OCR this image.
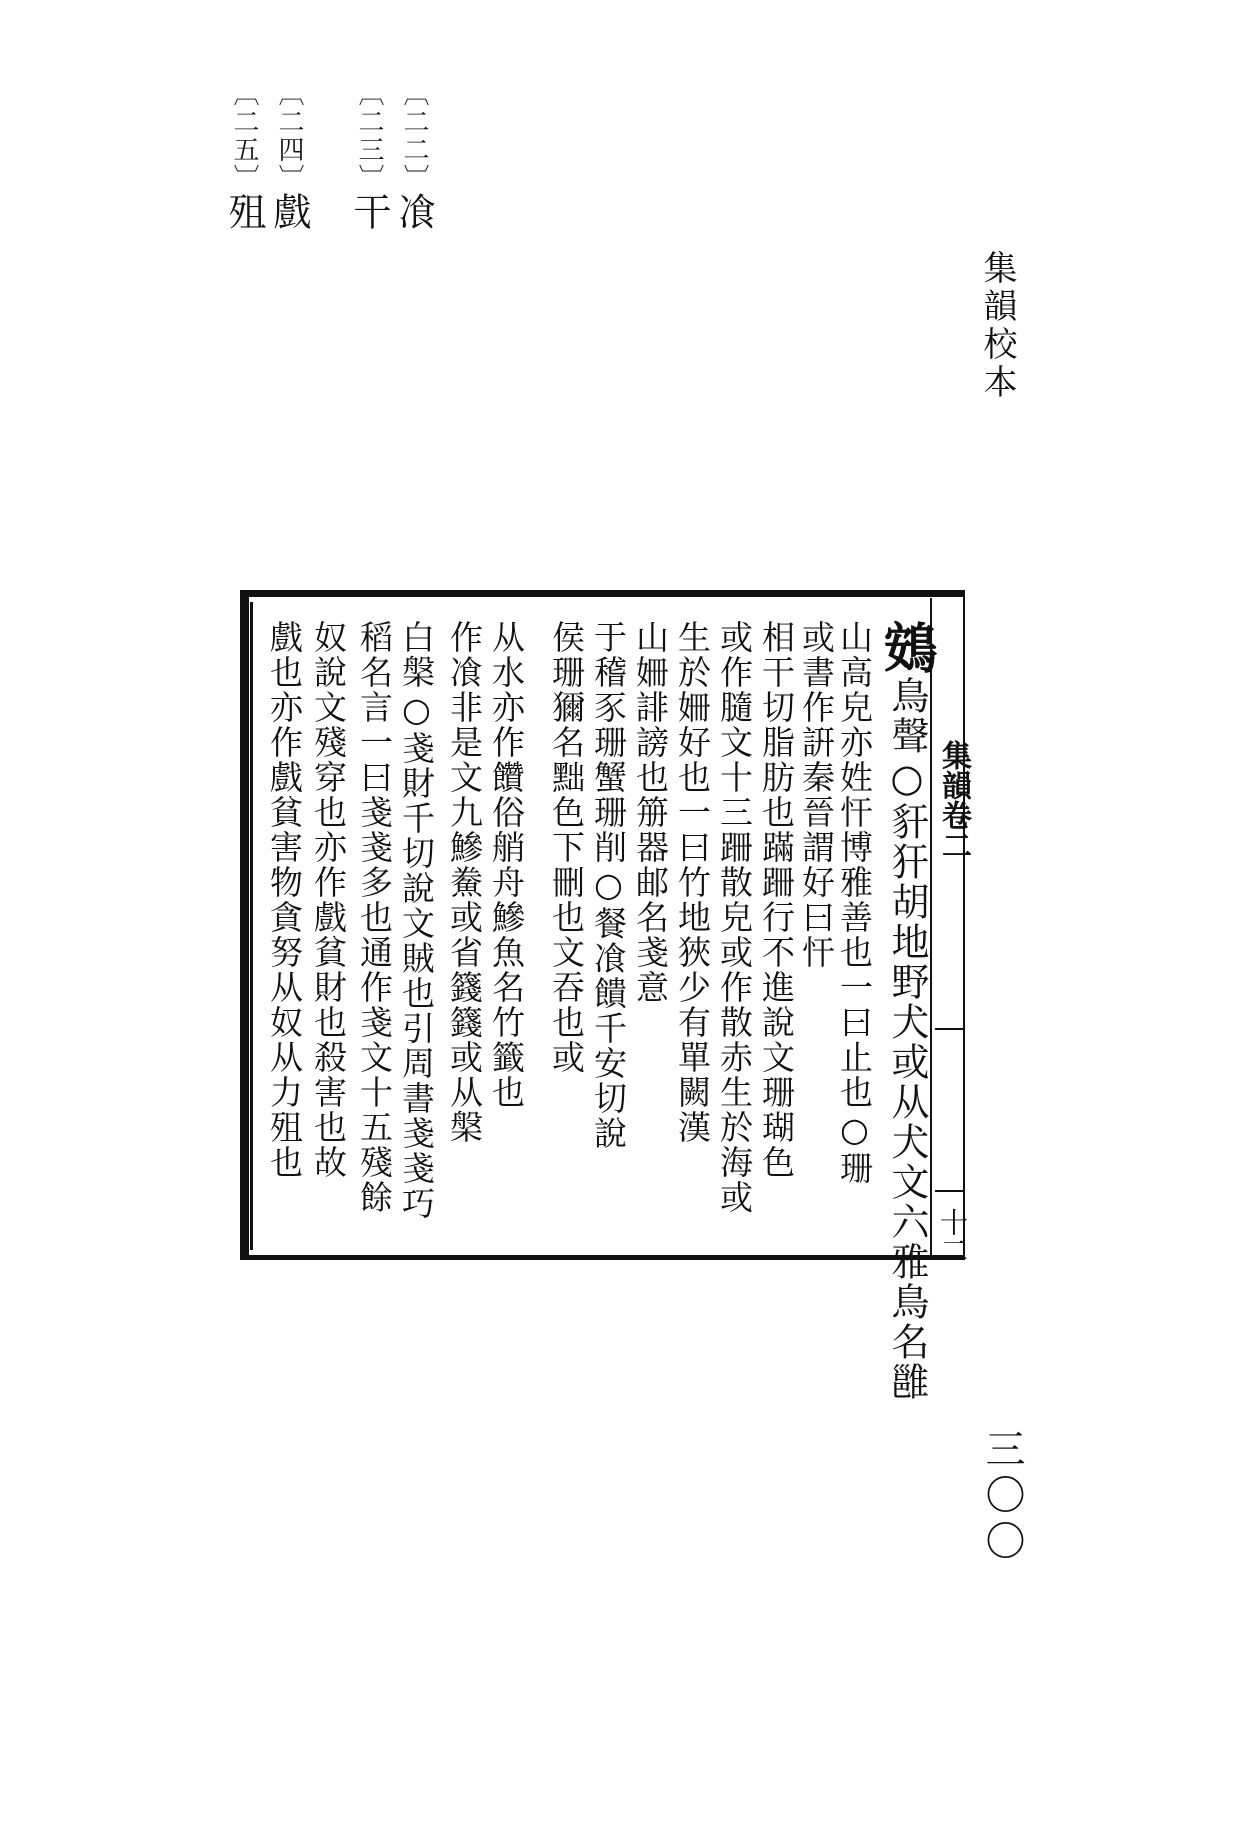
集韻校本
三〇〇
〔二二〕飡
〔二三〕干
〔二四〕戲
〔二五〕殂
集韻卷二
十二
鴳鳥聲○豻犴胡地野犬或从犬文六雅鳥名雝
山高皃亦姓忓博雅善也一曰止也○珊
或書作詽秦晉謂好曰忓
相干切脂肪也蹣跚行不進說文珊瑚色
或作膸文十三跚散皃或作散赤生於海或
生於姍好也一曰竹地狹少有單闕漢
山姍誹謗也笧器邮名戔意
于稽豕珊蟹珊削○餐飡饋千安切說
侯珊獮名黜色下刪也文吞也或
从水亦作饡俗艄舟鰺魚名竹籤也
作飡非是文九鰺鮝或省籛籛或从槃
白槃○戔財千切說文賊也引周書戔戔巧
稻名言一曰戔戔多也通作戔文十五殘餘
奴說文殘穿也亦作戲貧財也殺害也故
戲也亦作戲貧害物貪努从奴从力殂也
